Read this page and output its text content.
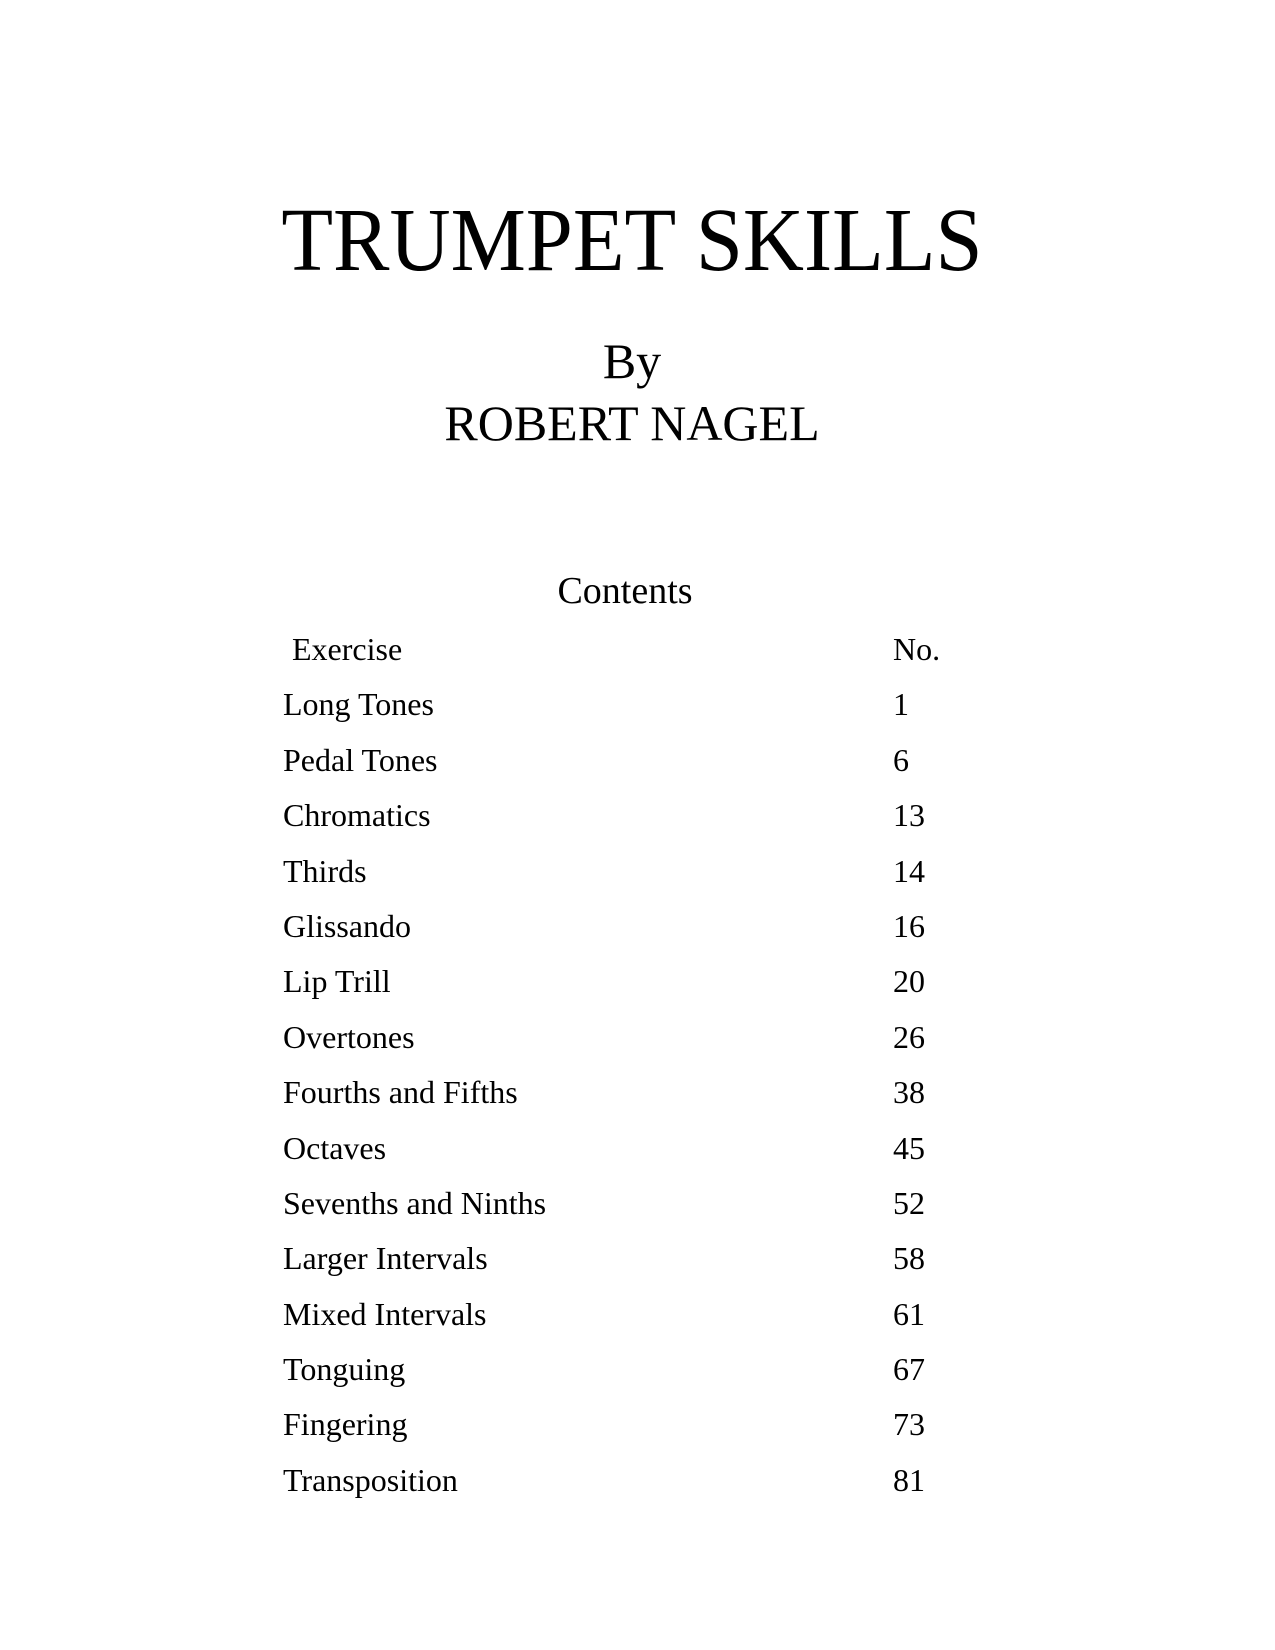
TRUMPET SKILLS
By
ROBERT NAGEL
Contents
Exercise	No.
Long Tones	1
Pedal Tones	6
Chromatics	13
Thirds	14
Glissando	16
Lip Trill	20
Overtones	26
Fourths and Fifths	38
Octaves	45
Sevenths and Ninths	52
Larger Intervals	58
Mixed Intervals	61
Tonguing	67
Fingering	73
Transposition	81
